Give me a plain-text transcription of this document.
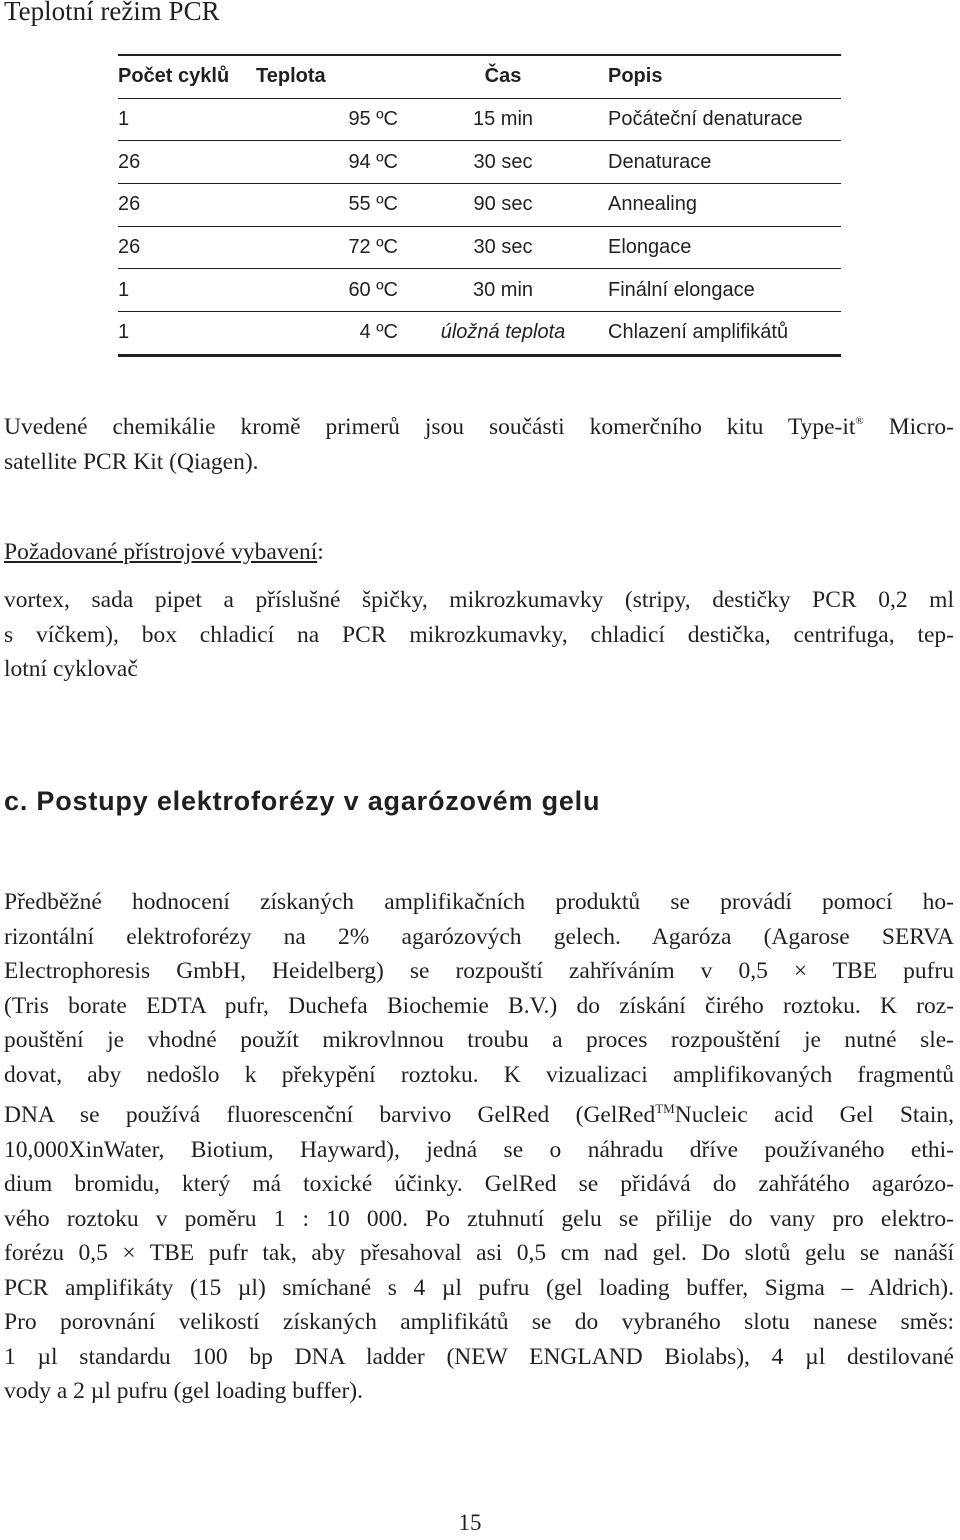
Teplotní režim PCR
Počet cyklů	Teplota	Čas	Popis
1	95 ºC	15 min	Počáteční denaturace
26	94 ºC	30 sec	Denaturace
26	55 ºC	90 sec	Annealing
26	72 ºC	30 sec	Elongace
1	60 ºC	30 min	Finální elongace
1	4 ºC	úložná teplota	Chlazení amplifikátů
Uvedené chemikálie kromě primerů jsou součásti komerčního kitu Type-it® Micro-
satellite PCR Kit (Qiagen).
Požadované přístrojové vybavení:
vortex, sada pipet a příslušné špičky, mikrozkumavky (stripy, destičky PCR 0,2 ml
s víčkem), box chladicí na PCR mikrozkumavky, chladicí destička, centrifuga, tep-
lotní cyklovač
c. Postupy elektroforézy v agarózovém gelu
Předběžné hodnocení získaných amplifikačních produktů se provádí pomocí ho-
rizontální elektroforézy na 2% agarózových gelech. Agaróza (Agarose SERVA
Electrophoresis GmbH, Heidelberg) se rozpouští zahříváním v 0,5 × TBE pufru
(Tris borate EDTA pufr, Duchefa Biochemie B.V.) do získání čirého roztoku. K roz-
pouštění je vhodné použít mikrovlnnou troubu a proces rozpouštění je nutné sle-
dovat, aby nedošlo k překypění roztoku. K vizualizaci amplifikovaných fragmentů
DNA se používá fluorescenční barvivo GelRed (GelRed™Nucleic acid Gel Stain,
10,000XinWater, Biotium, Hayward), jedná se o náhradu dříve používaného ethi-
dium bromidu, který má toxické účinky. GelRed se přidává do zahřátého agarózo-
vého roztoku v poměru 1 : 10 000. Po ztuhnutí gelu se přilije do vany pro elektro-
forézu 0,5 × TBE pufr tak, aby přesahoval asi 0,5 cm nad gel. Do slotů gelu se nanáší
PCR amplifikáty (15 µl) smíchané s 4 µl pufru (gel loading buffer, Sigma – Aldrich).
Pro porovnání velikostí získaných amplifikátů se do vybraného slotu nanese směs:
1 µl standardu 100 bp DNA ladder (NEW ENGLAND Biolabs), 4 µl destilované
vody a 2 µl pufru (gel loading buffer).
15
